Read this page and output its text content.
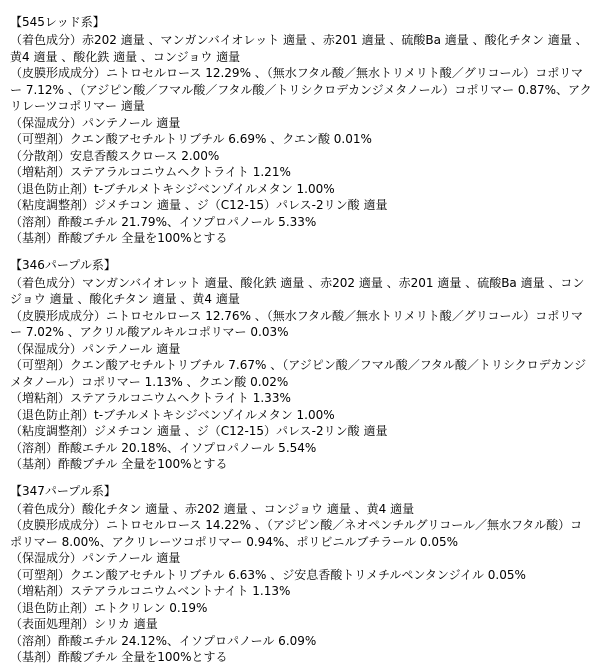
【545レッド系】
（着色成分）赤202 適量 、マンガンバイオレット 適量 、赤201 適量 、硫酸Ba 適量 、酸化チタン 適量 、黄4 適量 、酸化鉄 適量 、コンジョウ 適量
（皮膜形成成分）ニトロセルロース 12.29% 、（無水フタル酸／無水トリメリト酸／グリコール）コポリマー 7.12% 、（アジピン酸／フマル酸／フタル酸／トリシクロデカンジメタノール）コポリマー 0.87%、アクリレーツコポリマー 適量
（保湿成分）パンテノール 適量
（可塑剤）クエン酸アセチルトリブチル 6.69% 、クエン酸 0.01%
（分散剤）安息香酸スクロース 2.00%
（増粘剤）ステアラルコニウムヘクトライト 1.21%
（退色防止剤）t-ブチルメトキシジベンゾイルメタン 1.00%
（粘度調整剤）ジメチコン 適量 、ジ（C12-15）パレス-2リン酸 適量
（溶剤）酢酸エチル 21.79%、イソプロパノール 5.33%
（基剤）酢酸ブチル 全量を100%とする
【346パープル系】
（着色成分）マンガンバイオレット 適量、酸化鉄 適量 、赤202 適量 、赤201 適量 、硫酸Ba 適量 、コンジョウ 適量 、酸化チタン 適量 、黄4 適量
（皮膜形成成分）ニトロセルロース 12.76% 、（無水フタル酸／無水トリメリト酸／グリコール）コポリマー 7.02% 、アクリル酸アルキルコポリマー 0.03%
（保湿成分）パンテノール 適量
（可塑剤）クエン酸アセチルトリブチル 7.67% 、（アジピン酸／フマル酸／フタル酸／トリシクロデカンジメタノール）コポリマー 1.13% 、クエン酸 0.02%
（増粘剤）ステアラルコニウムヘクトライト 1.33%
（退色防止剤）t-ブチルメトキシジベンゾイルメタン 1.00%
（粘度調整剤）ジメチコン 適量 、ジ（C12-15）パレス-2リン酸 適量
（溶剤）酢酸エチル 20.18%、イソプロパノール 5.54%
（基剤）酢酸ブチル 全量を100%とする
【347パープル系】
（着色成分）酸化チタン 適量 、赤202 適量 、コンジョウ 適量 、黄4 適量
（皮膜形成成分）ニトロセルロース 14.22% 、（アジピン酸／ネオペンチルグリコール／無水フタル酸）コポリマー 8.00%、アクリレーツコポリマー 0.94%、ポリビニルブチラール 0.05%
（保湿成分）パンテノール 適量
（可塑剤）クエン酸アセチルトリブチル 6.63% 、ジ安息香酸トリメチルペンタンジイル 0.05%
（増粘剤）ステアラルコニウムベントナイト 1.13%
（退色防止剤）エトクリレン 0.19%
（表面処理剤）シリカ 適量
（溶剤）酢酸エチル 24.12%、イソプロパノール 6.09%
（基剤）酢酸ブチル 全量を100%とする
